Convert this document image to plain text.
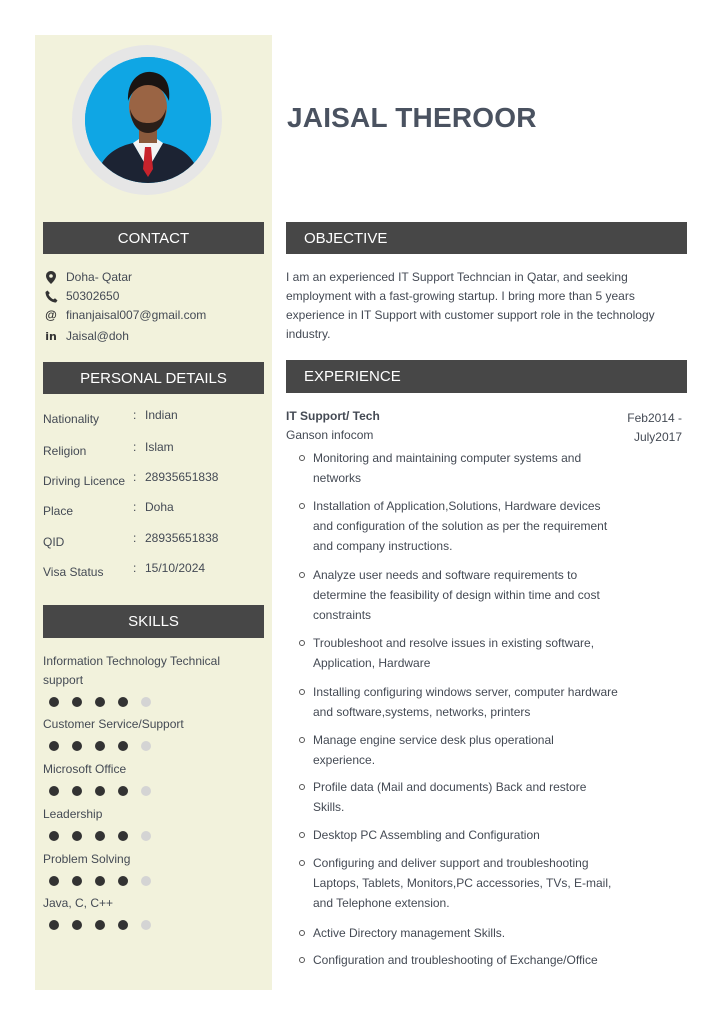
JAISAL THEROOR
CONTACT
Doha- Qatar
50302650
@ finanjaisal007@gmail.com
in Jaisal@doh
PERSONAL DETAILS
Nationality	: Indian
Religion	: Islam
Driving Licence : 28935651838
Place	: Doha
QID	: 28935651838
Visa Status : 15/10/2024
SKILLS
Information Technology Technical support
Customer Service/Support
Microsoft Office
Leadership
Problem Solving
Java, C, C++
OBJECTIVE
I am an experienced IT Support Techncian in Qatar, and seeking employment with a fast-growing startup. I bring more than 5 years experience in IT Support with customer support role in the technology industry.
EXPERIENCE
IT Support/ Tech
Ganson infocom
Feb2014 - July2017
Monitoring and maintaining computer systems and networks
Installation of Application,Solutions, Hardware devices and configuration of the solution as per the requirement and company instructions.
Analyze user needs and software requirements to determine the feasibility of design within time and cost constraints
Troubleshoot and resolve issues in existing software, Application, Hardware
Installing configuring windows server, computer hardware and software,systems, networks, printers
Manage engine service desk plus operational experience.
Profile data (Mail and documents) Back and restore Skills.
Desktop PC Assembling and Configuration
Configuring and deliver support and troubleshooting Laptops, Tablets, Monitors,PC accessories, TVs, E-mail, and Telephone extension.
Active Directory management Skills.
Configuration and troubleshooting of Exchange/Office
